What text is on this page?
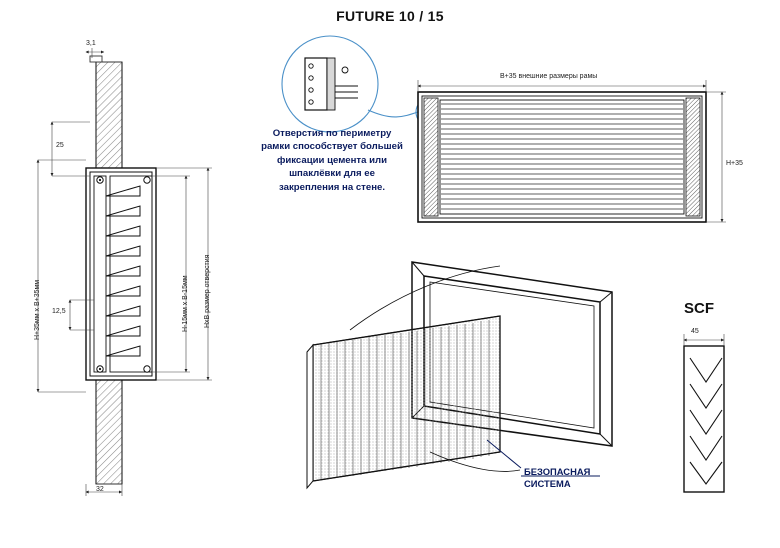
FUTURE 10 / 15
SCF
Отверстия по периметру рамки способствует большей фиксации цемента или шпаклёвки для ее закрепления на стене.
БЕЗОПАСНАЯ
СИСТЕМА
3,1
25
12,5
32
Н+35мм х В+35мм	Н-15мм х В-15мм НxВ размер отверстия
B+35 внешние размеры рамы
H+35
45
